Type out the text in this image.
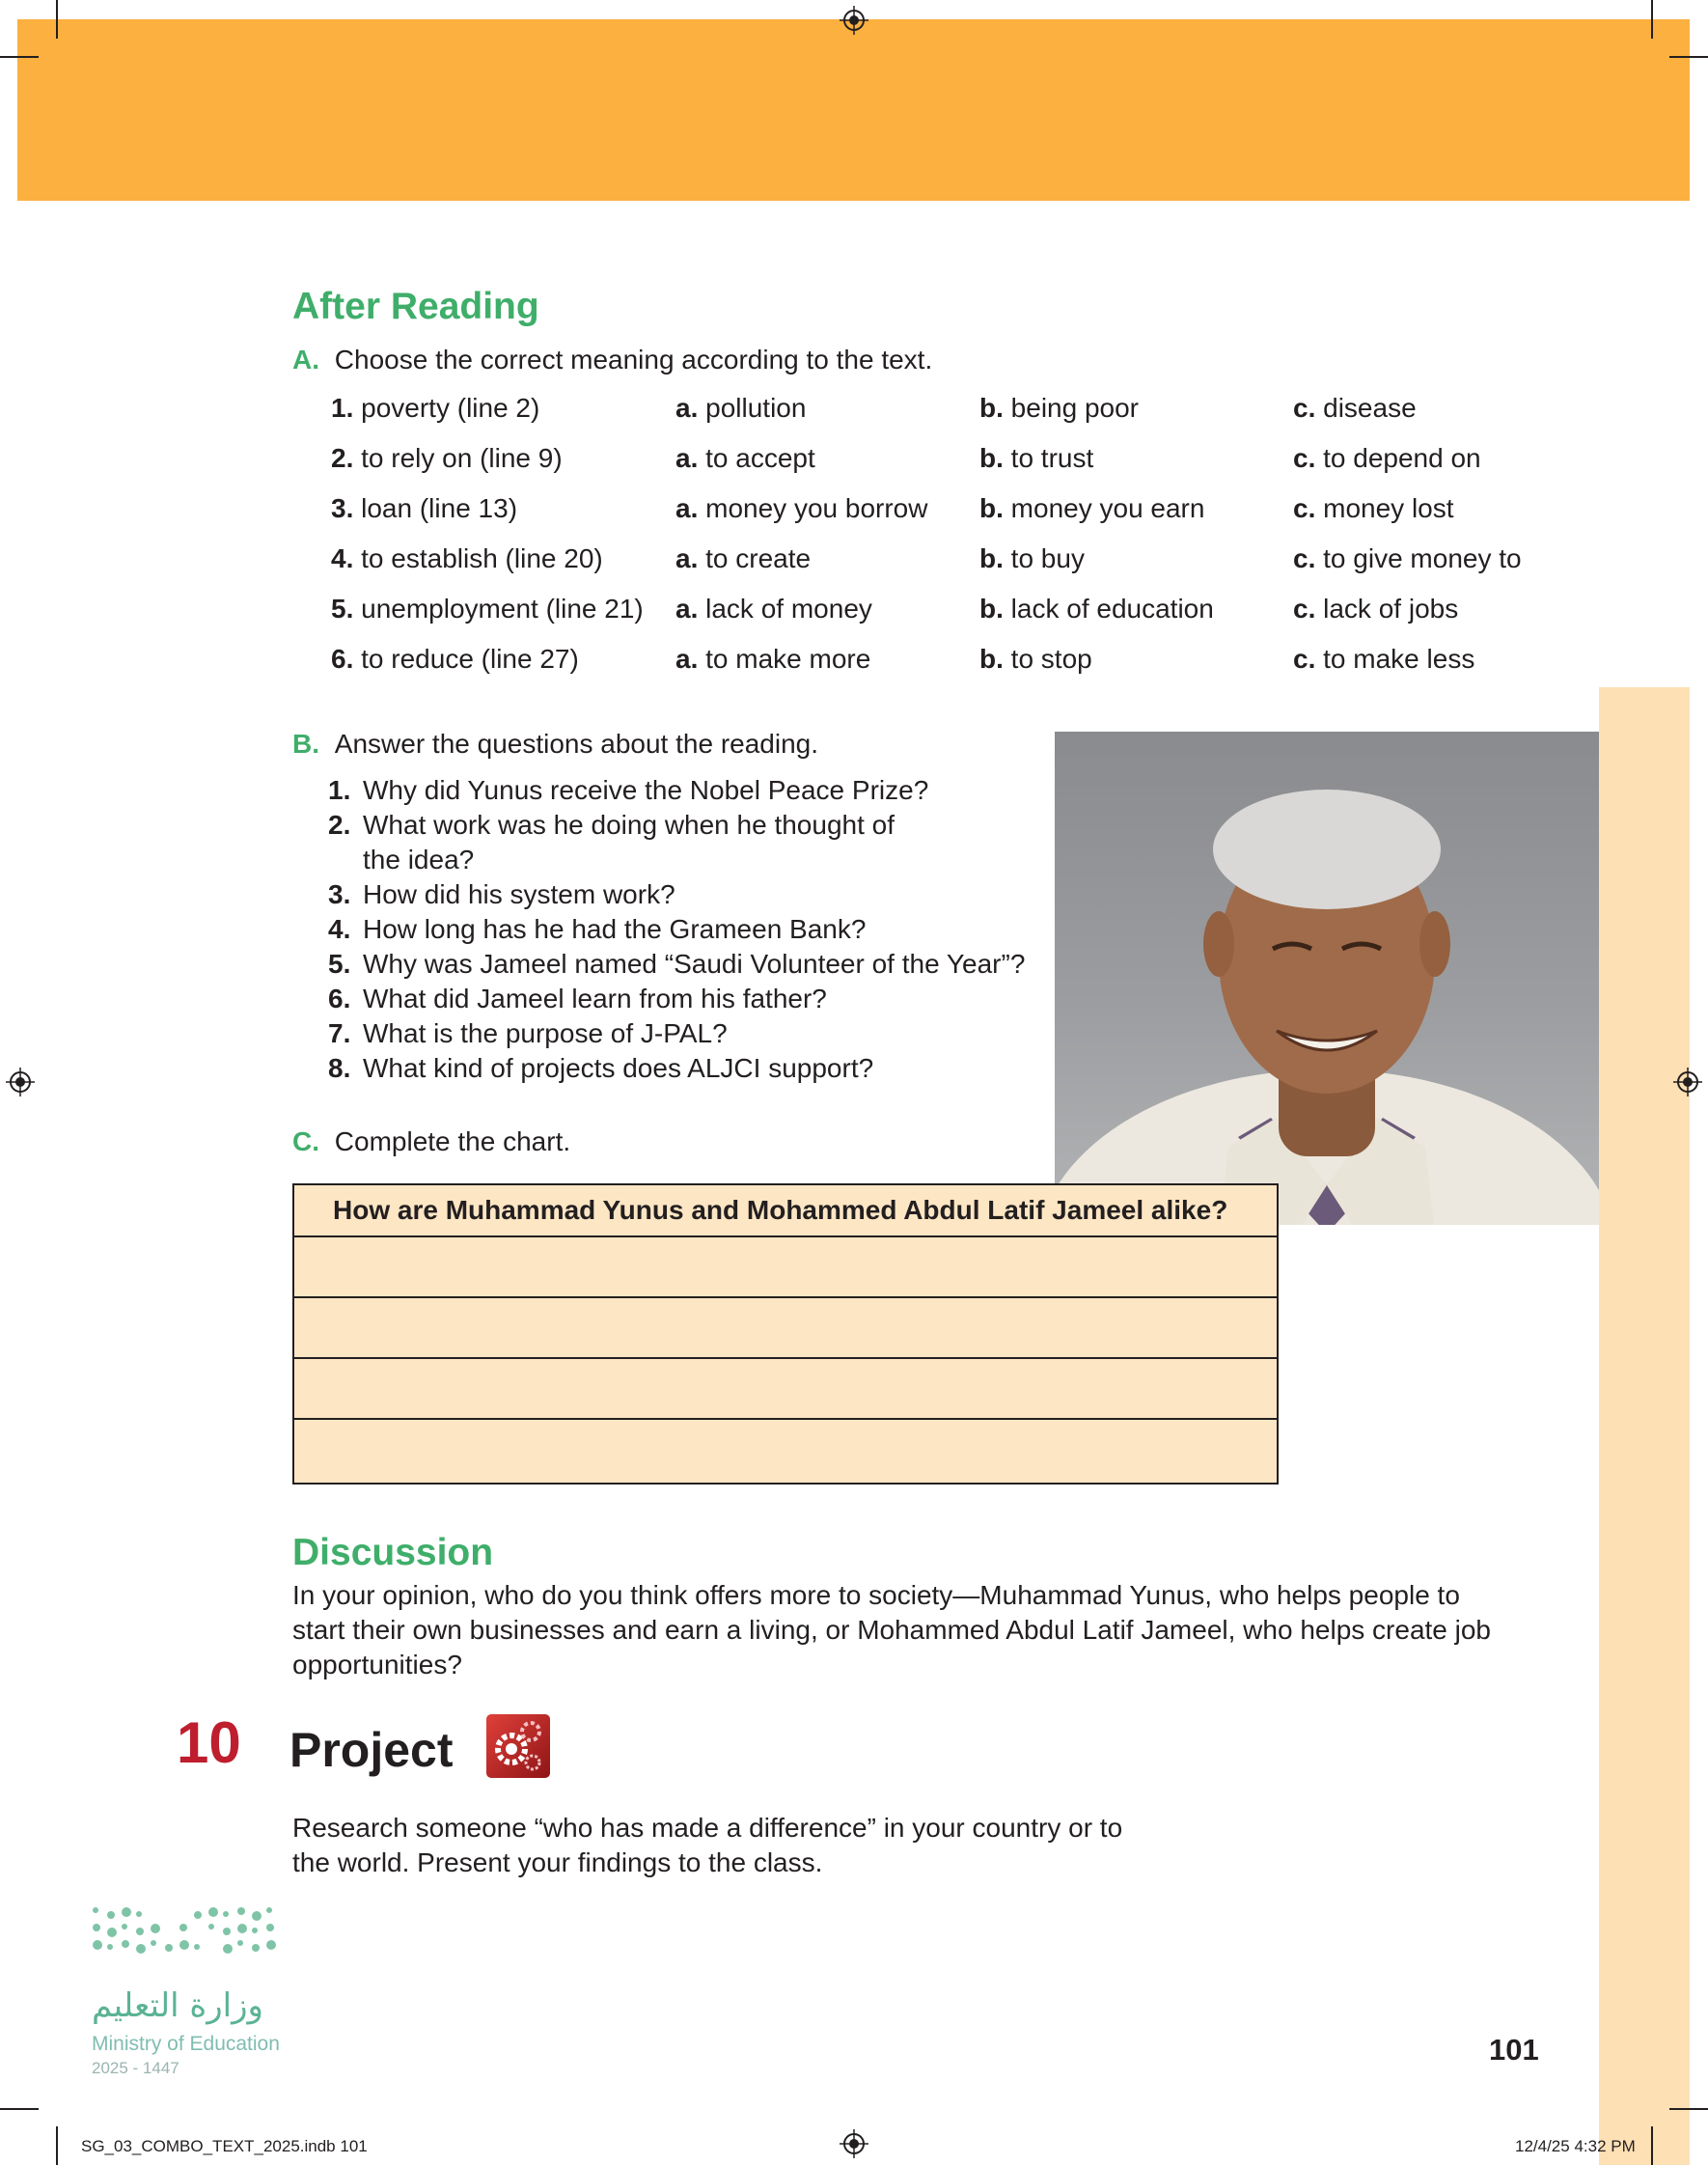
After Reading
A. Choose the correct meaning according to the text.
1. poverty (line 2)	a. pollution	b. being poor	c. disease
2. to rely on (line 9)	a. to accept	b. to trust	c. to depend on
3. loan (line 13)	a. money you borrow b. money you earn	c. money lost
4. to establish (line 20)	a. to create	b. to buy	c. to give money to
5. unemployment (line 21) a. lack of money	b. lack of education	c. lack of jobs
6. to reduce (line 27)	a. to make more	b. to stop	c. to make less
B. Answer the questions about the reading.
1. Why did Yunus receive the Nobel Peace Prize?
2. What work was he doing when he thought of
the idea?
3. How did his system work?
4. How long has he had the Grameen Bank?
5. Why was Jameel named “Saudi Volunteer of the Year”?
6. What did Jameel learn from his father?
7. What is the purpose of J-PAL?
8. What kind of projects does ALJCI support?
C. Complete the chart.
How are Muhammad Yunus and Mohammed Abdul Latif Jameel alike?
Discussion
In your opinion, who do you think offers more to society—Muhammad Yunus, who helps people to
start their own businesses and earn a living, or Mohammed Abdul Latif Jameel, who helps create job
opportunities?
10 Project
Research someone “who has made a difference” in your country or to
the world. Present your findings to the class.
وزارة التعليم
Ministry of Education
2025 - 1447
101
SG_03_COMBO_TEXT_2025.indb 101	12/4/25 4:32 PM
